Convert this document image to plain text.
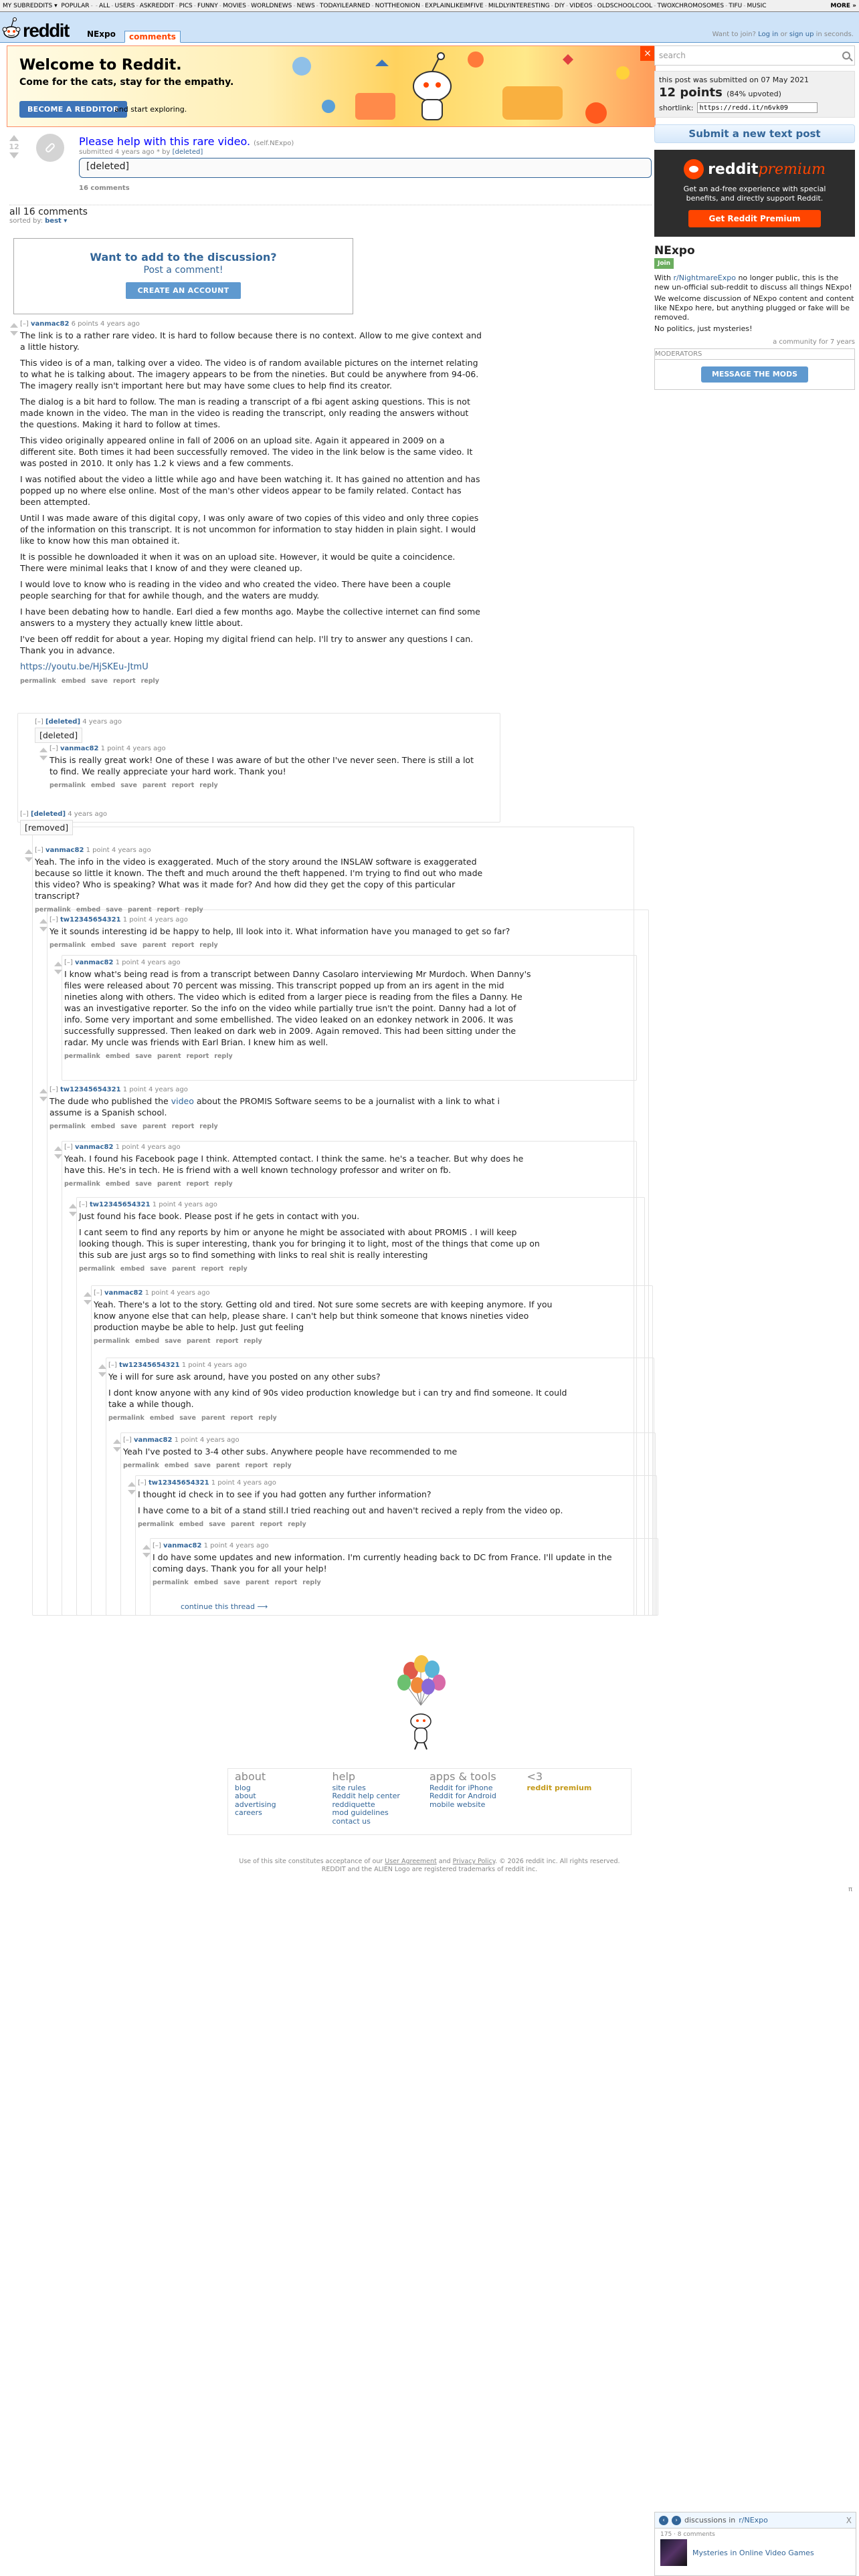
MY SUBREDDITS ▾ POPULAR - - ALL - USERS - ASKREDDIT - PICS - FUNNY - MOVIES - WORLDNEWS - NEWS - TODAYILEARNED - NOTTHEONION - EXPLAINLIKEIMFIVE - MILDLYINTERESTING - DIY - VIDEOS - OLDSCHOOLCOOL - TWOXCHROMOSOMES - TIFU - MUSIC	MORE »
reddit NExpo	comments	Want to join? Log in or sign up in seconds.
Welcome to Reddit.
Come for the cats, stay for the empathy.
BECOME A REDDITOR
and start exploring.
× search
this post was submitted on 07 May 2021
12 points (84% upvoted)
shortlink:
https://redd.it/n6vk09
Submit a new text post
redditpremium
Get an ad-free experience with special benefits, and directly support Reddit.
Get Reddit Premium
NExpo
Join

With r/NightmareExpo no longer public, this is the new un-official sub-reddit to discuss all things NExpo!

We welcome discussion of NExpo content and content like NExpo here, but anything plugged or fake will be removed.

No politics, just mysteries!

a community for 7 years
MODERATORS
MESSAGE THE MODS
12	Please help with this rare video. (self.NExpo)
submitted 4 years ago * by [deleted]
[deleted]
16 comments
all 16 comments
sorted by: best ▾
Want to add to the discussion?
Post a comment!
CREATE AN ACCOUNT
[–] vanmac82 6 points 4 years ago

The link is to a rather rare video. It is hard to follow because there is no context. Allow to me give context and a little history.

This video is of a man, talking over a video. The video is of random available pictures on the internet relating to what he is talking about. The imagery appears to be from the nineties. But could be anywhere from 94-06. The imagery really isn't important here but may have some clues to help find its creator.

The dialog is a bit hard to follow. The man is reading a transcript of a fbi agent asking questions. This is not made known in the video. The man in the video is reading the transcript, only reading the answers without the questions. Making it hard to follow at times.

This video originally appeared online in fall of 2006 on an upload site. Again it appeared in 2009 on a different site. Both times it had been successfully removed. The video in the link below is the same video. It was posted in 2010. It only has 1.2 k views and a few comments.

I was notified about the video a little while ago and have been watching it. It has gained no attention and has popped up no where else online. Most of the man's other videos appear to be family related. Contact has been attempted.

Until I was made aware of this digital copy, I was only aware of two copies of this video and only three copies of the information on this transcript. It is not uncommon for information to stay hidden in plain sight. I would like to know how this man obtained it.

It is possible he downloaded it when it was on an upload site. However, it would be quite a coincidence. There were minimal leaks that I know of and they were cleaned up.

I would love to know who is reading in the video and who created the video. There have been a couple people searching for that for awhile though, and the waters are muddy.

I have been debating how to handle. Earl died a few months ago. Maybe the collective internet can find some answers to a mystery they actually knew little about.

I've been off reddit for about a year. Hoping my digital friend can help. I'll try to answer any questions I can. Thank you in advance.

https://youtu.be/HjSKEu-JtmU

permalink embed save report reply
[–] [deleted] 4 years ago

[deleted]

[–] vanmac82 1 point 4 years ago

This is really great work! One of these I was aware of but the other I've never seen. There is still a lot to find. We really appreciate your hard work. Thank you!

permalink embed save parent report reply
[–] [deleted] 4 years ago

[removed]

[–] vanmac82 1 point 4 years ago

Yeah. The info in the video is exaggerated. Much of the story around the INSLAW software is exaggerated because so little it known. The theft and much around the theft happened. I'm trying to find out who made this video? Who is speaking? What was it made for? And how did they get the copy of this particular transcript?

permalink embed save parent report reply
[–] tw12345654321 1 point 4 years ago

Ye it sounds interesting id be happy to help, Ill look into it. What information have you managed to get so far?

permalink embed save parent report reply
[–] vanmac82 1 point 4 years ago

I know what's being read is from a transcript between Danny Casolaro interviewing Mr Murdoch. When Danny's files were released about 70 percent was missing. This transcript popped up from an irs agent in the mid nineties along with others. The video which is edited from a larger piece is reading from the files a Danny. He was an investigative reporter. So the info on the video while partially true isn't the point. Danny had a lot of info. Some very important and some embellished. The video leaked on an edonkey network in 2006. It was successfully suppressed. Then leaked on dark web in 2009. Again removed. This had been sitting under the radar. My uncle was friends with Earl Brian. I knew him as well.

permalink embed save parent report reply
[–] tw12345654321 1 point 4 years ago

The dude who published the video about the PROMIS Software seems to be a journalist with a link to what i assume is a Spanish school.

permalink embed save parent report reply
[–] vanmac82 1 point 4 years ago

Yeah. I found his Facebook page I think. Attempted contact. I think the same. he's a teacher. But why does he have this. He's in tech. He is friend with a well known technology professor and writer on fb.

permalink embed save parent report reply
[–] tw12345654321 1 point 4 years ago

Just found his face book. Please post if he gets in contact with you.

I cant seem to find any reports by him or anyone he might be associated with about PROMIS . I will keep looking though. This is super interesting, thank you for bringing it to light, most of the things that come up on this sub are just args so to find something with links to real shit is really interesting

permalink embed save parent report reply
[–] vanmac82 1 point 4 years ago

Yeah. There's a lot to the story. Getting old and tired. Not sure some secrets are with keeping anymore. If you know anyone else that can help, please share. I can't help but think someone that knows nineties video production maybe be able to help. Just gut feeling

permalink embed save parent report reply
[–] tw12345654321 1 point 4 years ago

Ye i will for sure ask around, have you posted on any other subs?

I dont know anyone with any kind of 90s video production knowledge but i can try and find someone. It could take a while though.

permalink embed save parent report reply
[–] vanmac82 1 point 4 years ago

Yeah I've posted to 3-4 other subs. Anywhere people have recommended to me

permalink embed save parent report reply
[–] tw12345654321 1 point 4 years ago

I thought id check in to see if you had gotten any further information?

I have come to a bit of a stand still.I tried reaching out and haven't recived a reply from the video op.

permalink embed save parent report reply
[–] vanmac82 1 point 4 years ago

I do have some updates and new information. I'm currently heading back to DC from France. I'll update in the coming days. Thank you for all your help!

permalink embed save parent report reply
continue this thread ⟶
about
blog
about
advertising
careers
help
site rules
Reddit help center
reddiquette
mod guidelines
contact us
apps & tools
Reddit for iPhone
Reddit for Android
mobile website
<3
reddit premium
Use of this site constitutes acceptance of our User Agreement and Privacy Policy. © 2026 reddit inc. All rights reserved.
REDDIT and the ALIEN Logo are registered trademarks of reddit inc.
π
‹	› discussions in r/NExpo	X
175 · 8 comments
Mysteries in Online Video Games
